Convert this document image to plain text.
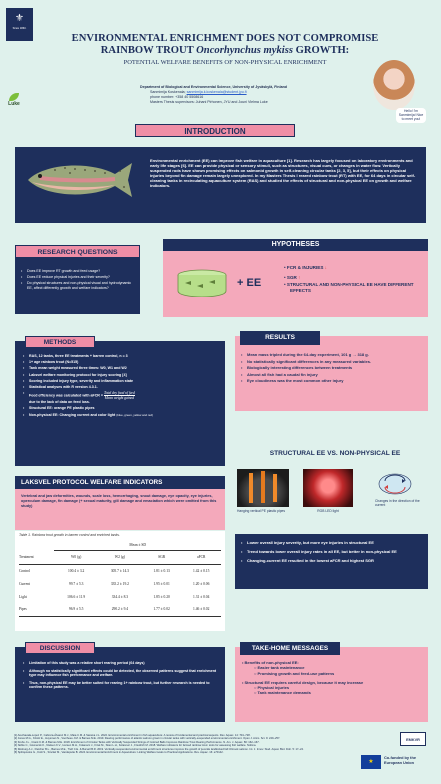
⚜
Since 1863.
Luke
ENVIRONMENTAL ENRICHMENT DOES NOT COMPROMISE
RAINBOW TROUT Oncorhynchus mykiss GROWTH:
POTENTIAL WELFARE BENEFITS OF NON-PHYSICAL ENRICHMENT
Department of Biological and Environmental Science, University of Jyväskylä, Finland
Sanmimija Koskenala; sanmimija.k.koskenala@student.jyu.fi
phone number: +358 40 5508616
Masters Thesis supervisors: Juhani Pirhonen, JYU and Jouni Vielma Luke
Hello! I'm Sanmimija! Nice to meet you!
INTRODUCTION
Environmental enrichment (EE) can improve fish welfare in aquaculture [1]. Research has largely focused on laboratory environments and early life stages [6]. EE can provide physical or sensory stimuli, such as structures, visual cues, or changes in water flow. Vertically suspended rods have shown promising effects on salmonid growth in self-cleaning circular tanks [2, 3, 5], but their effects on physical injuries beyond fin damage remain largely unexplored. In my Masters Thesis I reared rainbow trout (RT) with EE, for 64 days in circular self-cleaning tanks in recirculating aquaculture system (RAS) and studied the effects of structural and non-physical EE on growth and welfare indicators.
RESEARCH QUESTIONS
• Does EE improve RT growth and feed usage?
• Does EE reduce physical injuries and their severity?
• Do physical structures and non-physical visual and hydrodynamic EE, affect differently growth and welfare indicators?
HYPOTHESES
+ EE
• FCR & INJURIES ↓
• SGR ↑
• STRUCTURAL AND NON-PHYSICAL EE HAVE DIFFERENT EFFECTS
METHODS
• RAS, 12 tanks, three EE treatments + barren control, n = 3
• 1+ age rainbow trout (N=515)
• Tank mean weight measured three times: W0, W1 and W2
• Laksvel welfare monitoring protocol for injury scoring [4]
• Scoring included injury type, severity and inflammation state
• Statistical analyses with R version 4.3.1.
• Feed efficiency was calculated with aFCR =
Total dry food of feed
Mean weight gained
due to the lack of data on feed loss.
• Structural EE: orange PE plastic pipes
• Non-physical EE: Changing current and color light (blue, green, yellow and red)
RESULTS
• Mean mass tripled during the 64-day experiment, 101 g → 318 g.
• No statistically significant differences in any measured variables.
• Biologically interesting differences between treatments
• Almost all fish had a caudal fin injury
• Eye cloudiness was the most common other injury
STRUCTURAL EE VS. NON-PHYSICAL EE
Hanging vertical PE plastic pipes	RGB LED light
Changes in the direction of the current
• Lower overall injury severity, but more eye injuries in structural EE
• Trend towards lower overall injury rates in all EE, but better in non-physical EE
• Changing-current EE resulted in the lowest aFCR and highest SGR
LAKSVEL PROTOCOL WELFARE INDICATORS
Vertebral and jaw deformities, wounds, scale loss, hemorrhaging, snout damage, eye opacity, eye injuries, operculum damage, fin damage (+ sexual maturity, gill damage and emaciation which were omitted from this study)
Table 1. Rainbow trout growth in barren control and enriched tanks.
	Mean ± SD			
Treatment	W0 (g)	W2 (g)	SGR	aFCR
Control	100.4 ± 3.2	305.7 ± 14.3	1.81 ± 0.13	1.42 ± 0.15
Current	99.7 ± 5.3	335.2 ± 19.2	1.95 ± 0.01	1.20 ± 0.06
Light	106.6 ± 11.9	334.4 ± 8.3	1.85 ± 0.20	1.31 ± 0.04
Pipes	96.9 ± 5.5	290.2 ± 9.4	1.77 ± 0.02	1.46 ± 0.02
DISCUSSION
• Limitation of this study was a relative short rearing period (64 days)
• Although no statistically significant effects could be detected, the observed patterns suggest that enrichment type may influence fish performance and welfare.
• Thus, non-physical EE may be better suited for rearing 1+ rainbow trout, but further research is needed to confirm these patterns.
TAKE-HOME MESSAGES
• Benefits of non-physical EE:
○ Easier tank maintenance
○ Promising growth and feed-use patterns
• Structural EE requires careful design, because it may increase
○ Physical injuries
○ Tank maintenance demands
[1] Arechavala-Lopez P., Cabrera-Álvarez M.J., Maia C.M. & Saraiva J.L. 2022. Environmental enrichment in fish aquaculture: A review of fundamental and practical aspects. Rev. Aquac. 14: 704–728.
[2] Jones M.G., Kristiz E., Huysman N., Voorhees J.M. & Barnes M.E. 2019. Rearing performance of atlantic salmon grown in circular tanks with vertically-suspended environmental enrichment. Open J. Anim. Sci. 9: 249–257.
[3] Krebs J.L., Crank K.M. & Barnes M.E. 2018. Enrichment of Circular Tanks with Vertically Suspended Strings of Colored Balls Improves Rainbow Trout Rearing Performance. N. Am. J. Aquac. 80: 162–167.
[4] Noble C., Gismervik K., Nielsen K.V., Iversen M.H., Kolarevic J., Frisk M., Stien L.H., Kolarevic J., Friedrich M. 2018. Welfare indicators for farmed rainbow trout: tools for assessing fish welfare. Nofima.
[5] Rosburg A.J., Fletcher B.L., Barnes M.E., Treft C.E. & Bursell B.R. 2019. Vertically-suspended environmental enrichment structures improve the growth of juvenile landlocked fall Chinook salmon. Int. J. Innov. Stud. Aquat. Biol. Fish. 5: 17–24.
[6] Spiliopoulos G., Kotti S., Sinclair M., Vandeputte B. 2024. Environmental Enrichment in Aquaculture: Linking Welfare Goals to Practical Applications. Rev. Aquac. 16: e70142.
EMKVR
★
Co-funded by the European Union
